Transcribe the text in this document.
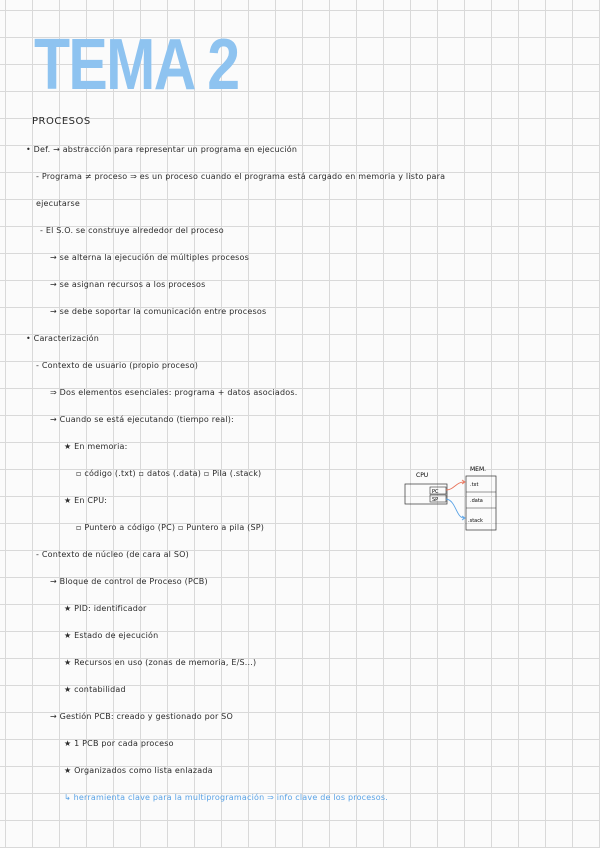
TEMA 2
PROCESOS
• Def. → abstracción para representar un programa en ejecución
- Programa ≠ proceso ⇒ es un proceso cuando el programa está cargado en memoria y listo para
ejecutarse
- El S.O. se construye alrededor del proceso
→ se alterna la ejecución de múltiples procesos
→ se asignan recursos a los procesos
→ se debe soportar la comunicación entre procesos
• Caracterización
- Contexto de usuario (propio proceso)
⇒ Dos elementos esenciales: programa + datos asociados.
→ Cuando se está ejecutando (tiempo real):
★ En memoria:
▫ código (.txt) ▫ datos (.data) ▫ Pila (.stack)
★ En CPU:
▫ Puntero a código (PC) ▫ Puntero a pila (SP)
- Contexto de núcleo (de cara al SO)
→ Bloque de control de Proceso (PCB)
★ PID: identificador
★ Estado de ejecución
★ Recursos en uso (zonas de memoria, E/S...)
★ contabilidad
→ Gestión PCB: creado y gestionado por SO
★ 1 PCB por cada proceso
★ Organizados como lista enlazada
↳ herramienta clave para la multiprogramación ⇒ info clave de los procesos.
CPU
MEM.
PC
SP
.txt
.data
.stack
